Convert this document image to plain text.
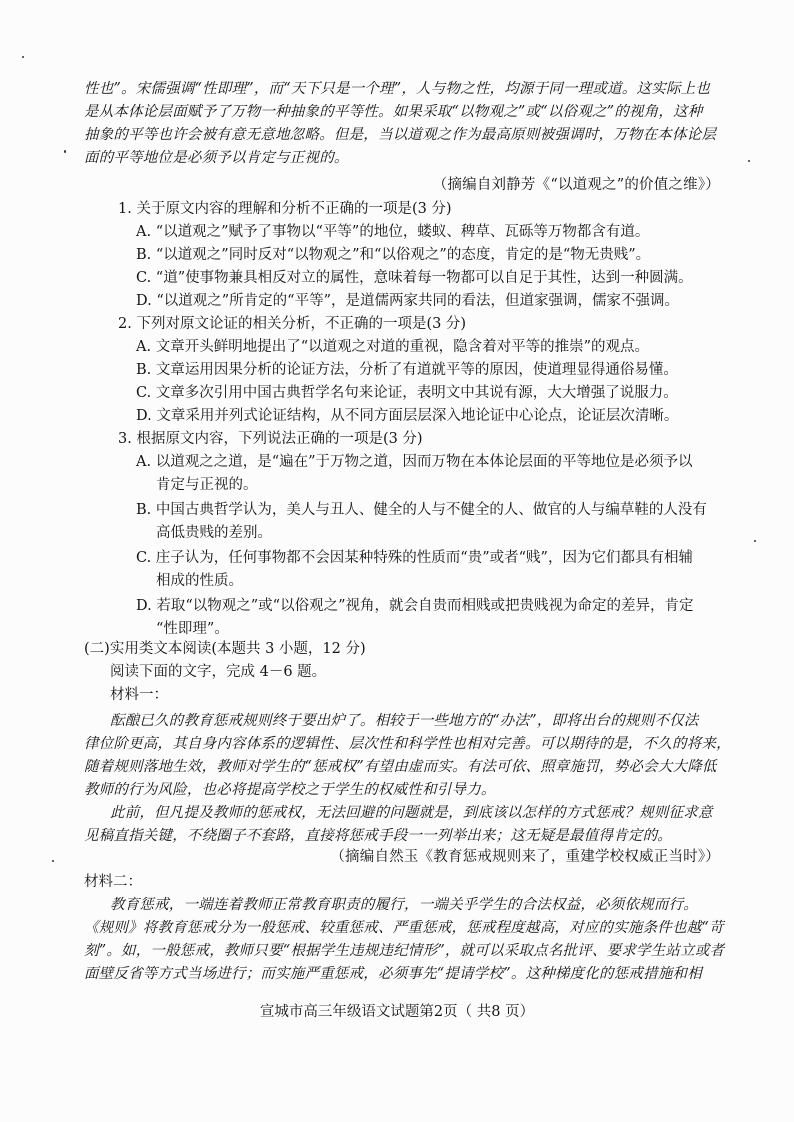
性也”。宋儒强调“性即理”，而“天下只是一个理”，人与物之性，均源于同一理或道。这实际上也
是从本体论层面赋予了万物一种抽象的平等性。如果采取“以物观之”或“以俗观之”的视角，这种
抽象的平等也许会被有意无意地忽略。但是，当以道观之作为最高原则被强调时，万物在本体论层
面的平等地位是必须予以肯定与正视的。
（摘编自刘静芳《“以道观之”的价值之维》）
1. 关于原文内容的理解和分析不正确的一项是(3 分)
A. “以道观之”赋予了事物以“平等”的地位，蝼蚁、稗草、瓦砾等万物都含有道。
B. “以道观之”同时反对“以物观之”和“以俗观之”的态度，肯定的是“物无贵贱”。
C. “道”使事物兼具相反对立的属性，意味着每一物都可以自足于其性，达到一种圆满。
D. “以道观之”所肯定的“平等”，是道儒两家共同的看法，但道家强调，儒家不强调。
2. 下列对原文论证的相关分析，不正确的一项是(3 分)
A. 文章开头鲜明地提出了“以道观之对道的重视，隐含着对平等的推崇”的观点。
B. 文章运用因果分析的论证方法，分析了有道就平等的原因，使道理显得通俗易懂。
C. 文章多次引用中国古典哲学名句来论证，表明文中其说有源，大大增强了说服力。
D. 文章采用并列式论证结构，从不同方面层层深入地论证中心论点，论证层次清晰。
3. 根据原文内容，下列说法正确的一项是(3 分)
A. 以道观之之道，是“遍在”于万物之道，因而万物在本体论层面的平等地位是必须予以
肯定与正视的。
B. 中国古典哲学认为，美人与丑人、健全的人与不健全的人、做官的人与编草鞋的人没有
高低贵贱的差别。
C. 庄子认为，任何事物都不会因某种特殊的性质而“贵”或者“贱”，因为它们都具有相辅
相成的性质。
D. 若取“以物观之”或“以俗观之”视角，就会自贵而相贱或把贵贱视为命定的差异，肯定
“性即理”。
(二)实用类文本阅读(本题共 3 小题，12 分)
阅读下面的文字，完成 4－6 题。
材料一：
酝酿已久的教育惩戒规则终于要出炉了。相较于一些地方的“办法”，即将出台的规则不仅法
律位阶更高，其自身内容体系的逻辑性、层次性和科学性也相对完善。可以期待的是，不久的将来，
随着规则落地生效，教师对学生的“惩戒权”有望由虚而实。有法可依、照章施罚，势必会大大降低
教师的行为风险，也必将提高学校之于学生的权威性和引导力。
此前，但凡提及教师的惩戒权，无法回避的问题就是，到底该以怎样的方式惩戒？规则征求意
见稿直指关键，不绕圈子不套路，直接将惩戒手段一一列举出来；这无疑是最值得肯定的。
（摘编自然玉《教育惩戒规则来了，重建学校权威正当时》）
材料二：
教育惩戒，一端连着教师正常教育职责的履行，一端关乎学生的合法权益，必须依规而行。
《规则》将教育惩戒分为一般惩戒、较重惩戒、严重惩戒，惩戒程度越高，对应的实施条件也越“苛
刻”。如，一般惩戒，教师只要“根据学生违规违纪情形”，就可以采取点名批评、要求学生站立或者
面壁反省等方式当场进行；而实施严重惩戒，必须事先“提请学校”。这种梯度化的惩戒措施和相
宣城市高三年级语文试题第2页（ 共8 页）
